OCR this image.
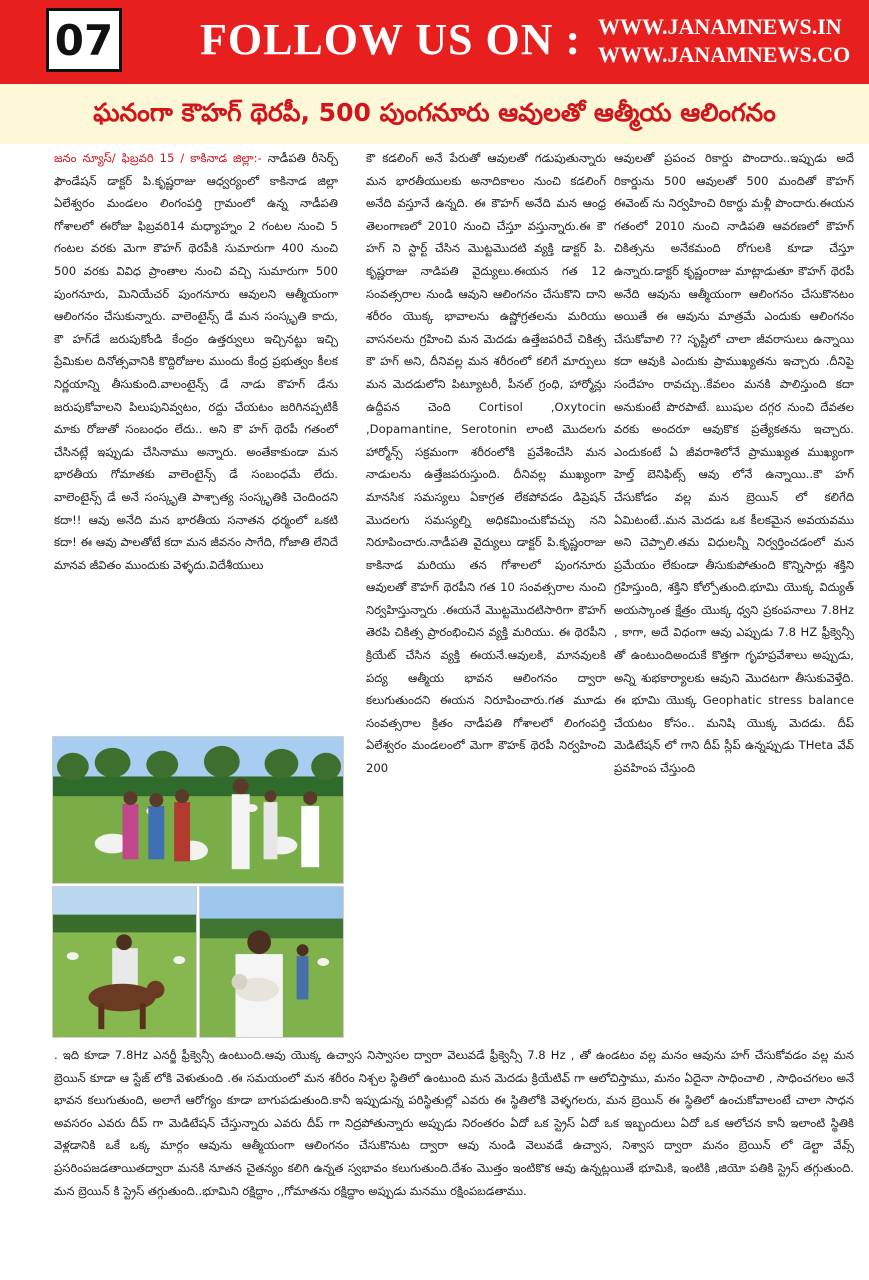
07 FOLLOW US ON : WWW.JANAMNEWS.IN
WWW.JANAMNEWS.CO
ఘనంగా కౌహగ్ థెరపీ, 500 పుంగనూరు ఆవులతో ఆత్మీయ ఆలింగనం
జనం న్యూస్/ ఫిబ్రవరి 15 / కాకినాడ జిల్లా:- నాడీపతి రీసెర్చ్ ఫౌండేషన్ డాక్టర్ పి.కృష్ణరాజు ఆధ్వర్యంలో కాకినాడ జిల్లా ఏలేశ్వరం మండలం లింగంపర్తి గ్రామంలో ఉన్న నాడీపతి గోశాలలో ఈరోజు ఫిబ్రవరి14 మధ్యాహ్నం 2 గంటల నుంచి 5 గంటల వరకు మెగా కౌహగ్ థెరపీకి సుమారుగా 400 నుంచి 500 వరకు వివిధ ప్రాంతాల నుంచి వచ్చి సుమారుగా 500 పుంగనూరు, మినియేచర్ పుంగనూరు ఆవులని ఆత్మీయంగా ఆలింగనం చేసుకున్నారు. వాలెంటైన్స్ డే మన సంస్కృతి కాదు, కౌ హగ్‌డే జరుపుకోండి కేంద్రం ఉత్తర్వులు ఇచ్చినట్టు ఇచ్చి ప్రేమికుల దినోత్సవానికి కొద్దిరోజుల ముందు కేంద్ర ప్రభుత్వం కీలక నిర్ణయాన్ని తీసుకుంది.వాలంటైన్స్ డే నాడు కౌహగ్ డేను జరుపుకోవాలని పిలుపునివ్వటం, రద్దు చేయటం జరిగినప్పటికీ మాకు రోజుతో సంబంధం లేదు.. అని కౌ హగ్ థెరపీ గతంలో చేసినట్లే ఇప్పుడు చేసినాము అన్నారు. అంతేకాకుండా మన భారతీయ గోమాతకు వాలెంటైన్స్ డే సంబంధమే లేదు. వాలెంటైన్స్ డే అనే సంస్కృతి పాశ్చాత్య సంస్కృతికి చెందిందని కదా!! ఆవు అనేది మన భారతీయ సనాతన ధర్మంలో ఒకటి కదా! ఈ ఆవు పాలతోటే కదా మన జీవనం సాగేది, గోజాతి లేనిదే మానవ జీవితం ముందుకు వెళ్ళదు.విదేశీయులు
కౌ కడలింగ్ అనే పేరుతో ఆవులతో గడుపుతున్నారు మన భారతీయులకు అనాదికాలం నుంచి కడలింగ్ అనేది వస్తూనే ఉన్నది. ఈ కౌహగ్ అనేది మన ఆంధ్ర తెలంగాణలో 2010 నుంచి చేస్తూ వస్తున్నారు.ఈ కౌ హగ్ ని స్టార్ట్ చేసిన మొట్టమొదటి వ్యక్తి డాక్టర్ పి. కృష్ణరాజు నాడిపతి వైద్యులు.ఈయన గత 12 సంవత్సరాల నుండి ఆవుని ఆలింగనం చేసుకొని దాని శరీరం యొక్క భావాలను ఉష్ణోగ్రతలను మరియు వాసనలను గ్రహించి మన మెదడు ఉత్తేజపరిచే చికిత్స కౌ హగ్ అని, దీనివల్ల మన శరీరంలో కలిగే మార్పులు మన మెదడులోని పిట్యూటరీ, పీనల్ గ్రంధి, హార్మోన్లు ఉద్దీపన చెంది Cortisol ,Oxytocin ,Dopamantine, Serotonin లాంటి మొదలగు హార్మోన్స్ సక్రమంగా శరీరంలోకి ప్రవేశించేసి మన నాడులను ఉత్తేజపరుస్తుంది. దీనివల్ల ముఖ్యంగా మానసిక సమస్యలు ఏకాగ్రత లేకపోవడం డిప్రెషన్ మొదలగు సమస్యల్ని అధికమించుకోవచ్చు నని నిరూపించారు.నాడీపతి వైద్యులు డాక్టర్ పి.కృష్ణంరాజు కాకినాడ మరియు తన గోశాలలో పుంగనూరు ఆవులతో కౌహగ్ థెరపీని గత 10 సంవత్సరాల నుంచి నిర్వహిస్తున్నారు .ఈయనే మొట్టమొదటిసారిగా కౌహగ్ తెరపి చికిత్స ప్రారంభించిన వ్యక్తి మరియు. ఈ థెరపీని క్రియేట్ చేసిన వ్యక్తి ఈయనే.ఆవులకి, మానవులకి పద్య ఆత్మీయ భావన ఆలింగనం ద్వారా కలుగుతుందని ఈయన నిరూపించారు.గత మూడు సంవత్సరాల క్రితం నాడీపతి గోశాలలో లింగంపర్తి ఏలేశ్వరం మండలంలో మెగా కౌహక్ థెరపీ నిర్వహించి 200
ఆవులతో ప్రపంచ రికార్డు పొందారు..ఇప్పుడు అదే రికార్డును 500 ఆవులతో 500 మందితో కౌహగ్ ఈవెంట్ ను నిర్వహించి రికార్డు మళ్లీ పొందారు.ఈయన గతంలో 2010 నుంచి నాడిపతి ఆవరణలో కౌహగ్ చికిత్సను అనేకమంది రోగులకి కూడా చేస్తూ ఉన్నారు.డాక్టర్ కృష్ణంరాజు మాట్లాడుతూ కౌహగ్ థెరపీ అనేది ఆవును ఆత్మీయంగా ఆలింగనం చేసుకొనటం అయితే ఈ ఆవును మాత్రమే ఎందుకు ఆలింగనం చేసుకోవాలి ?? సృష్టిలో చాలా జీవరాసులు ఉన్నాయి కదా ఆవుకి ఎందుకు ప్రాముఖ్యతను ఇచ్చారు .దీనిపై సందేహం రావచ్చు..కేవలం మనకి పాలిస్తుంది కదా అనుకుంటే పొరపాటే. ఋషుల దగ్గర నుంచి దేవతల వరకు అందరూ ఆవుకొక ప్రత్యేకతను ఇచ్చారు. ఎందుకంటే ఏ జీవరాశిలోనే ప్రాముఖ్యత ముఖ్యంగా హెల్త్ బెనిఫిట్స్ ఆవు లోనే ఉన్నాయి..కౌ హగ్ చేసుకోడం వల్ల మన బ్రెయిన్ లో కలిగేది ఏమిటంటే..మన మెదడు ఒక కీలకమైన అవయవము అని చెప్పాలి.తమ విధులన్నీ నిర్వర్తించడంలో మన ప్రమేయం లేకుండా తీసుకుపోతుంది కొన్నిసార్లు శక్తిని గ్రహిస్తుంది, శక్తిని కోల్పోతుంది.భూమి యొక్క విద్యుత్ అయస్కాంత క్షేత్రం యొక్క ధ్వని ప్రకంపనాలు 7.8Hz , కాగా, అదే విధంగా ఆవు ఎప్పుడు 7.8 HZ ఫ్రీక్వెన్సీ తో ఉంటుందిఅందుకే కొత్తగా గృహప్రవేశాలు అప్పుడు, అన్ని శుభకార్యాలకు ఆవుని మొదటగా తీసుకువెళ్తేది. ఈ భూమి యొక్క Geophatic stress balance చేయటం కోసం.. మనిషి యొక్క మెదడు. దీప్ మెడిటేషన్ లో గాని దీప్ స్లీప్ ఉన్నప్పుడు THeta వేవ్ ప్రవహింప చేస్తుంది
. ఇది కూడా 7.8Hz ఎనర్జీ ఫ్రీక్వెన్సీ ఉంటుంది.ఆవు యొక్క ఉచ్వాస నిస్వాసల ద్వారా వెలువడే ఫ్రీక్వెన్సీ 7.8 Hz , తో ఉండటం వల్ల మనం ఆవును హగ్ చేసుకోవడం వల్ల మన బ్రెయిన్ కూడా ఆ స్టేజ్ లోకి వెళుతుంది .ఈ సమయంలో మన శరీరం నిశ్చల స్థితిలో ఉంటుంది మన మెదడు క్రియేటివ్ గా ఆలోచిస్తాము, మనం ఏదైనా సాధించాలి , సాధించగలం అనే భావన కలుగుతుంది, అలాగే ఆరోగ్యం కూడా బాగుపడుతుంది.కానీ ఇప్పుడున్న పరిస్థితుల్లో ఎవరు ఈ స్థితిలోకి వెళ్ళగలరు, మన బ్రెయిన్ ఈ స్థితిలో ఉంచుకోవాలంటే చాలా సాధన అవసరం ఎవరు దీప్ గా మెడిటేషన్ చేస్తున్నారు ఎవరు దీప్ గా నిద్రపోతున్నారు అప్పుడు నిరంతరం ఏదో ఒక స్ట్రెస్ ఏదో ఒక ఇబ్బందులు ఏదో ఒక ఆలోచన కానీ ఇలాంటి స్థితికి వెళ్లడానికి ఒకే ఒక్క మార్గం ఆవును ఆత్మీయంగా ఆలింగనం చేసుకొనుట ద్వారా ఆవు నుండి వెలువడే ఉచ్వాస, నిశ్వాస ద్వారా మనం బ్రెయిన్ లో డెల్టా వేవ్స్ ప్రసరింపజడతాయితద్వారా మనకి నూతన చైతన్యం కలిగి ఉన్నత స్వభావం కలుగుతుంది.దేశం మొత్తం ఇంటికొక ఆవు ఉన్నట్లయితే భూమికి, ఇంటికి ,జియో పతికి స్ట్రెస్ తగ్గుతుంది. మన బ్రెయిన్ కి స్ట్రెస్ తగ్గుతుంది..భూమిని రక్షిద్దాం ,,గోమాతను రక్షిద్దాం అప్పుడు మనము రక్షింపబడతాము.
